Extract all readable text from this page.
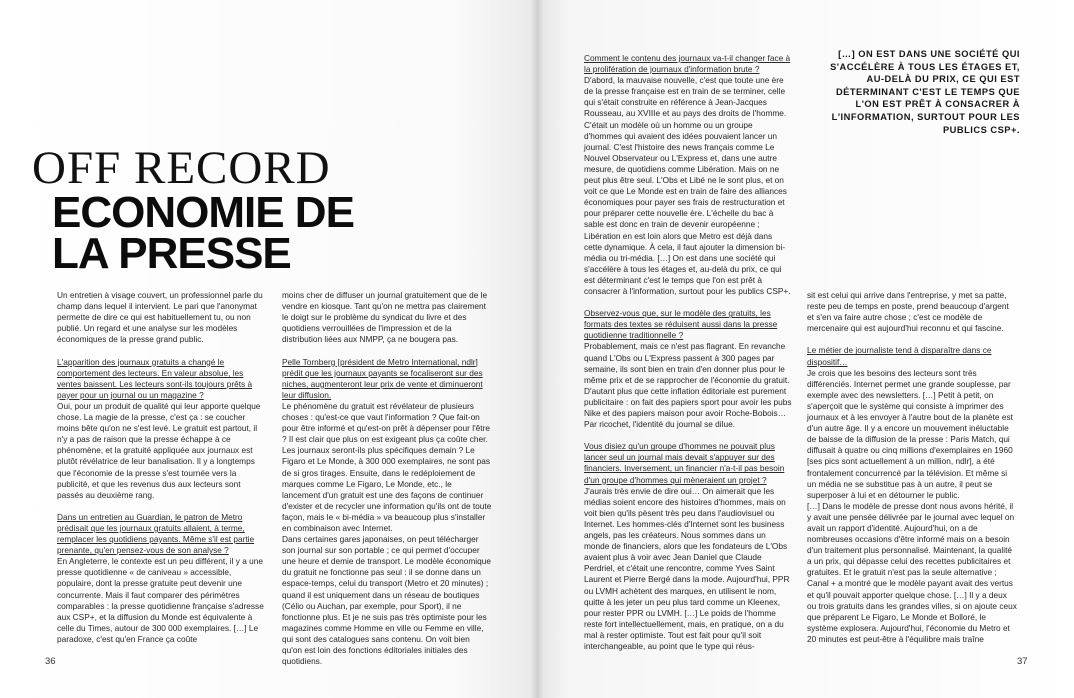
OFF RECORD
ECONOMIE DE
LA PRESSE

Un entretien à visage couvert, un professionnel parle du champ dans lequel il intervient. Le pari que l'anonymat permette de dire ce qui est habituellement tu, ou non publié. Un regard et une analyse sur les modèles économiques de la presse grand public.

L'apparition des journaux gratuits a changé le comportement des lecteurs. En valeur absolue, les ventes baissent. Les lecteurs sont-ils toujours prêts à payer pour un journal ou un magazine ?

Oui, pour un produit de qualité qui leur apporte quelque chose. La magie de la presse, c'est ça : se coucher moins bête qu'on ne s'est levé. Le gratuit est partout, il n'y a pas de raison que la presse échappe à ce phénomène, et la gratuité appliquée aux journaux est plutôt révélatrice de leur banalisation. Il y a longtemps que l'économie de la presse s'est tournée vers la publicité, et que les revenus dus aux lecteurs sont passés au deuxième rang.

Dans un entretien au Guardian, le patron de Metro prédisait que les journaux gratuits allaient, à terme, remplacer les quotidiens payants. Même s'il est partie prenante, qu'en pensez-vous de son analyse ?

En Angleterre, le contexte est un peu différent, il y a une presse quotidienne « de caniveau » accessible, populaire, dont la presse gratuite peut devenir une concurrente. Mais il faut comparer des périmètres comparables : la presse quotidienne française s'adresse aux CSP+, et la diffusion du Monde est équivalente à celle du Times, autour de 300 000 exemplaires. […] Le paradoxe, c'est qu'en France ça coûte

moins cher de diffuser un journal gratuitement que de le vendre en kiosque. Tant qu'on ne mettra pas clairement le doigt sur le problème du syndicat du livre et des quotidiens verrouillées de l'impression et de la distribution liées aux NMPP, ça ne bougera pas.

Pelle Tornberg [président de Metro International, ndlr] prédit que les journaux payants se focaliseront sur des niches, augmenteront leur prix de vente et diminueront leur diffusion.
Le phénomène du gratuit est révélateur de plusieurs choses : qu'est-ce que vaut l'information ? Que fait-on pour être informé et qu'est-on prêt à dépenser pour l'être ? Il est clair que plus on est exigeant plus ça coûte cher. Les journaux seront-ils plus spécifiques demain ? Le Figaro et Le Monde, à 300 000 exemplaires, ne sont pas de si gros tirages. Ensuite, dans le redéploiement de marques comme Le Figaro, Le Monde, etc., le lancement d'un gratuit est une des façons de continuer d'exister et de recycler une information qu'ils ont de toute façon, mais le « bi-média » va beaucoup plus s'installer en combinaison avec Internet.

Dans certaines gares japonaises, on peut télécharger son journal sur son portable ; ce qui permet d'occuper une heure et demie de transport. Le modèle économique du gratuit ne fonctionne pas seul : il se donne dans un espace-temps, celui du transport (Metro et 20 minutes) ; quand il est uniquement dans un réseau de boutiques (Célio ou Auchan, par exemple, pour Sport), il ne fonctionne plus. Et je ne suis pas très optimiste pour les magazines comme Homme en ville ou Femme en ville, qui sont des catalogues sans contenu. On voit bien qu'on est loin des fonctions éditoriales initiales des quotidiens.

36
Comment le contenu des journaux va-t-il changer face à la prolifération de journaux d'information brute ?

D'abord, la mauvaise nouvelle, c'est que toute une ère de la presse française est en train de se terminer, celle qui s'était construite en référence à Jean-Jacques Rousseau, au XVIIIe et au pays des droits de l'homme. C'était un modèle où un homme ou un groupe d'hommes qui avaient des idées pouvaient lancer un journal. C'est l'histoire des news français comme Le Nouvel Observateur ou L'Express et, dans une autre mesure, de quotidiens comme Libération. Mais on ne peut plus être seul. L'Obs et Libé ne le sont plus, et on voit ce que Le Monde est en train de faire des alliances économiques pour payer ses frais de restructuration et pour préparer cette nouvelle ère. L'échelle du bac à sable est donc en train de devenir européenne ; Libération en est loin alors que Metro est déjà dans cette dynamique. À cela, il faut ajouter la dimension bi-média ou tri-média. […] On est dans une société qui s'accélère à tous les étages et, au-delà du prix, ce qui est déterminant c'est le temps que l'on est prêt à consacrer à l'information, surtout pour les publics CSP+.

Observez-vous que, sur le modèle des gratuits, les formats des textes se réduisent aussi dans la presse quotidienne traditionnelle ?

Probablement, mais ce n'est pas flagrant. En revanche quand L'Obs ou L'Express passent à 300 pages par semaine, ils sont bien en train d'en donner plus pour le même prix et de se rapprocher de l'économie du gratuit. D'autant plus que cette inflation éditoriale est purement publicitaire : on fait des papiers sport pour avoir les pubs Nike et des papiers maison pour avoir Roche-Bobois… Par ricochet, l'identité du journal se dilue.

Vous disiez qu'un groupe d'hommes ne pouvait plus lancer seul un journal mais devait s'appuyer sur des financiers. Inversement, un financier n'a-t-il pas besoin d'un groupe d'hommes qui mèneraient un projet ?

J'aurais très envie de dire oui… On aimerait que les médias soient encore des histoires d'hommes, mais on voit bien qu'ils pèsent très peu dans l'audiovisuel ou Internet. Les hommes-clés d'Internet sont les business angels, pas les créateurs. Nous sommes dans un monde de financiers, alors que les fondateurs de L'Obs avaient plus à voir avec Jean Daniel que Claude Perdriel, et c'était une rencontre, comme Yves Saint Laurent et Pierre Bergé dans la mode. Aujourd'hui, PPR ou LVMH achètent des marques, en utilisent le nom, quitte à les jeter un peu plus tard comme un Kleenex, pour rester PPR ou LVMH. […] Le poids de l'homme reste fort intellectuellement, mais, en pratique, on a du mal à rester optimiste. Tout est fait pour qu'il soit interchangeable, au point que le type qui réus-

[…] ON EST DANS UNE SOCIÉTÉ QUI S'ACCÉLÈRE À TOUS LES ÉTAGES ET, AU-DELÀ DU PRIX, CE QUI EST DÉTERMINANT C'EST LE TEMPS QUE L'ON EST PRÊT À CONSACRER À L'INFORMATION, SURTOUT POUR LES PUBLICS CSP+.

sit est celui qui arrive dans l'entreprise, y met sa patte, reste peu de temps en poste, prend beaucoup d'argent et s'en va faire autre chose ; c'est ce modèle de mercenaire qui est aujourd'hui reconnu et qui fascine.

Le métier de journaliste tend à disparaître dans ce dispositif…
Je crois que les besoins des lecteurs sont très différenciés. Internet permet une grande souplesse, par exemple avec des newsletters. […] Petit à petit, on s'aperçoit que le système qui consiste à imprimer des journaux et à les envoyer à l'autre bout de la planète est d'un autre âge. Il y a encore un mouvement inéluctable de baisse de la diffusion de la presse : Paris Match, qui diffusait à quatre ou cinq millions d'exemplaires en 1960 [ses pics sont actuellement à un million, ndlr], a été frontalement concurrencé par la télévision. Et même si un média ne se substitue pas à un autre, il peut se superposer à lui et en détourner le public.

[…] Dans le modèle de presse dont nous avons hérité, il y avait une pensée délivrée par le journal avec lequel on avait un rapport d'identité. Aujourd'hui, on a de nombreuses occasions d'être informé mais on a besoin d'un traitement plus personnalisé. Maintenant, la qualité a un prix, qui dépasse celui des recettes publicitaires et gratuites. Et le gratuit n'est pas la seule alternative ; Canal + a montré que le modèle payant avait des vertus et qu'il pouvait apporter quelque chose. […] Il y a deux ou trois gratuits dans les grandes villes, si on ajoute ceux que préparent Le Figaro, Le Monde et Bolloré, le système explosera. Aujourd'hui, l'économie du Metro et 20 minutes est peut-être à l'équilibre mais traîne

37
